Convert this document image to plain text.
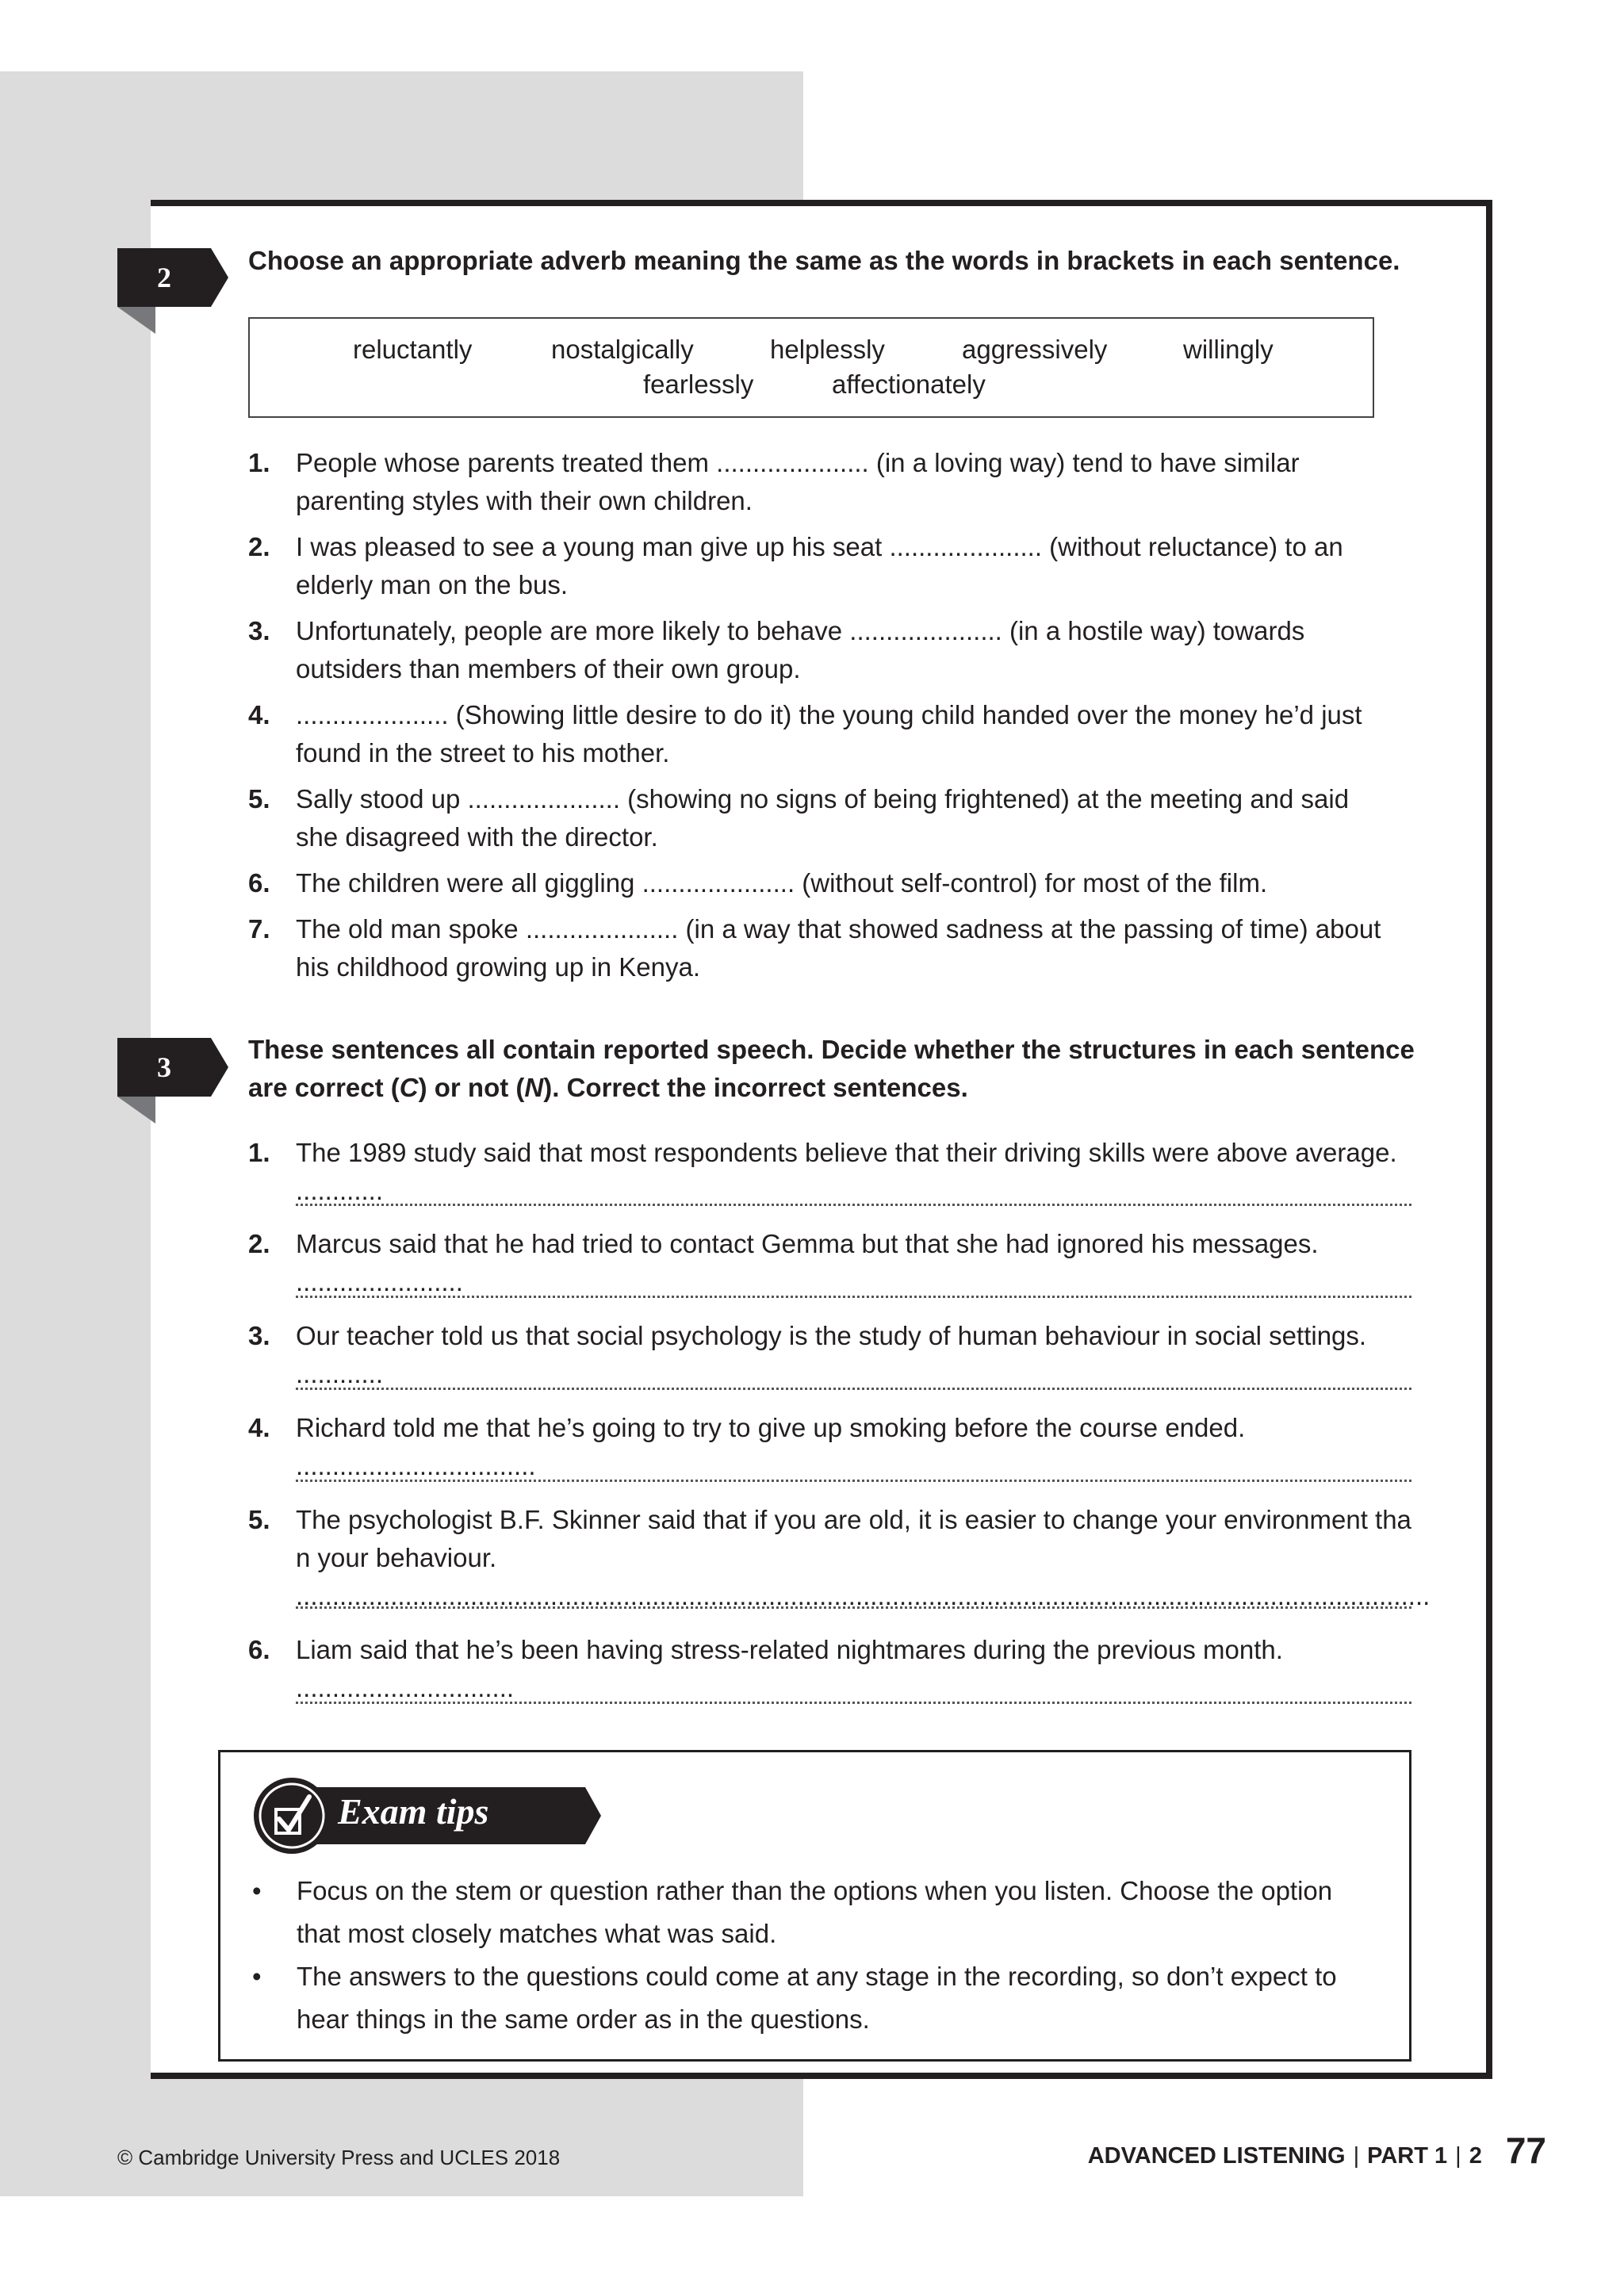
2
Choose an appropriate adverb meaning the same as the words in brackets in each sentence.
reluctantly	nostalgically	helplessly	aggressively	willingly
fearlessly	affectionately
1. People whose parents treated them ..................... (in a loving way) tend to have similar parenting styles with their own children.
2. I was pleased to see a young man give up his seat ..................... (without reluctance) to an elderly man on the bus.
3. Unfortunately, people are more likely to behave ..................... (in a hostile way) towards outsiders than members of their own group.
4. ..................... (Showing little desire to do it) the young child handed over the money he’d just found in the street to his mother.
5. Sally stood up ..................... (showing no signs of being frightened) at the meeting and said she disagreed with the director.
6. The children were all giggling ..................... (without self-control) for most of the film.
7. The old man spoke ..................... (in a way that showed sadness at the passing of time) about his childhood growing up in Kenya.
3
These sentences all contain reported speech. Decide whether the structures in each sentence are correct (C) or not (N). Correct the incorrect sentences.
1. The 1989 study said that most respondents believe that their driving skills were above average. ............
2. Marcus said that he had tried to contact Gemma but that she had ignored his messages. .......................
3. Our teacher told us that social psychology is the study of human behaviour in social settings. ............
4. Richard told me that he’s going to try to give up smoking before the course ended. .................................
5. The psychologist B.F. Skinner said that if you are old, it is easier to change your environment than your behaviour. ............................................................................................................................................................
6. Liam said that he’s been having stress-related nightmares during the previous month. ..............................
Exam tips
• Focus on the stem or question rather than the options when you listen. Choose the option that most closely matches what was said.
• The answers to the questions could come at any stage in the recording, so don’t expect to hear things in the same order as in the questions.
© Cambridge University Press and UCLES 2018	ADVANCED LISTENING | PART 1 | 2 77
